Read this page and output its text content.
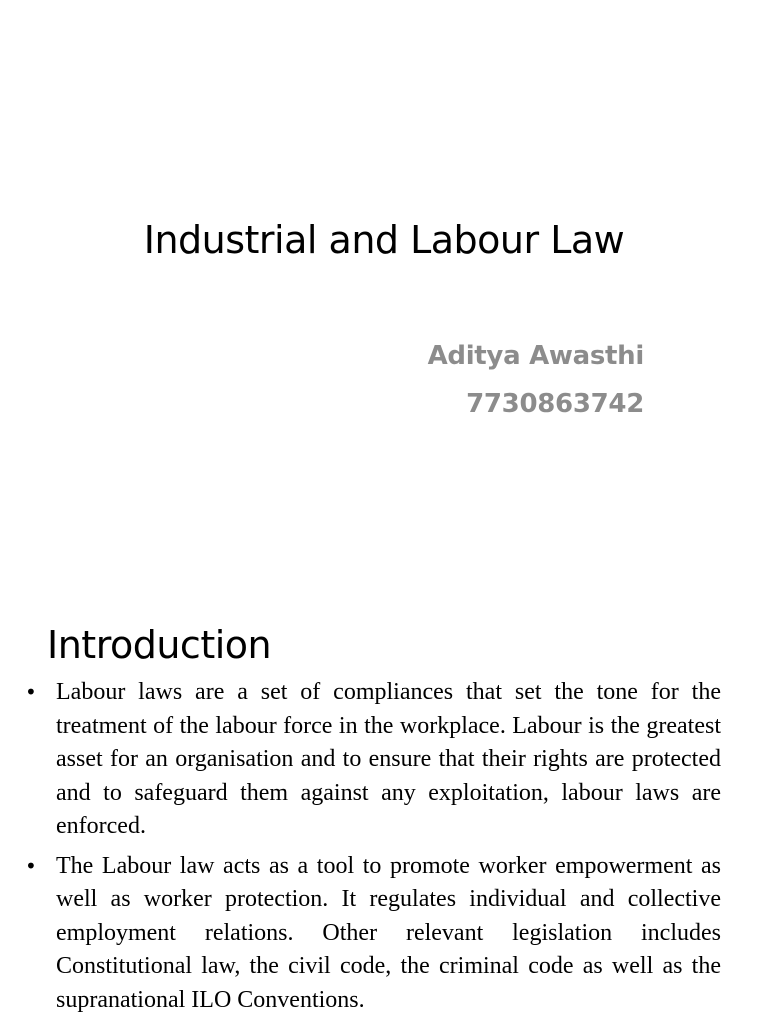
Industrial and Labour Law
Aditya Awasthi
7730863742
Introduction
• Labour laws are a set of compliances that set the tone for the treatment of the labour force in the workplace. Labour is the greatest asset for an organisation and to ensure that their rights are protected and to safeguard them against any exploitation, labour laws are enforced.

• The Labour law acts as a tool to promote worker empowerment as well as worker protection. It regulates individual and collective employment relations. Other relevant legislation includes Constitutional law, the civil code, the criminal code as well as the supranational ILO Conventions.
